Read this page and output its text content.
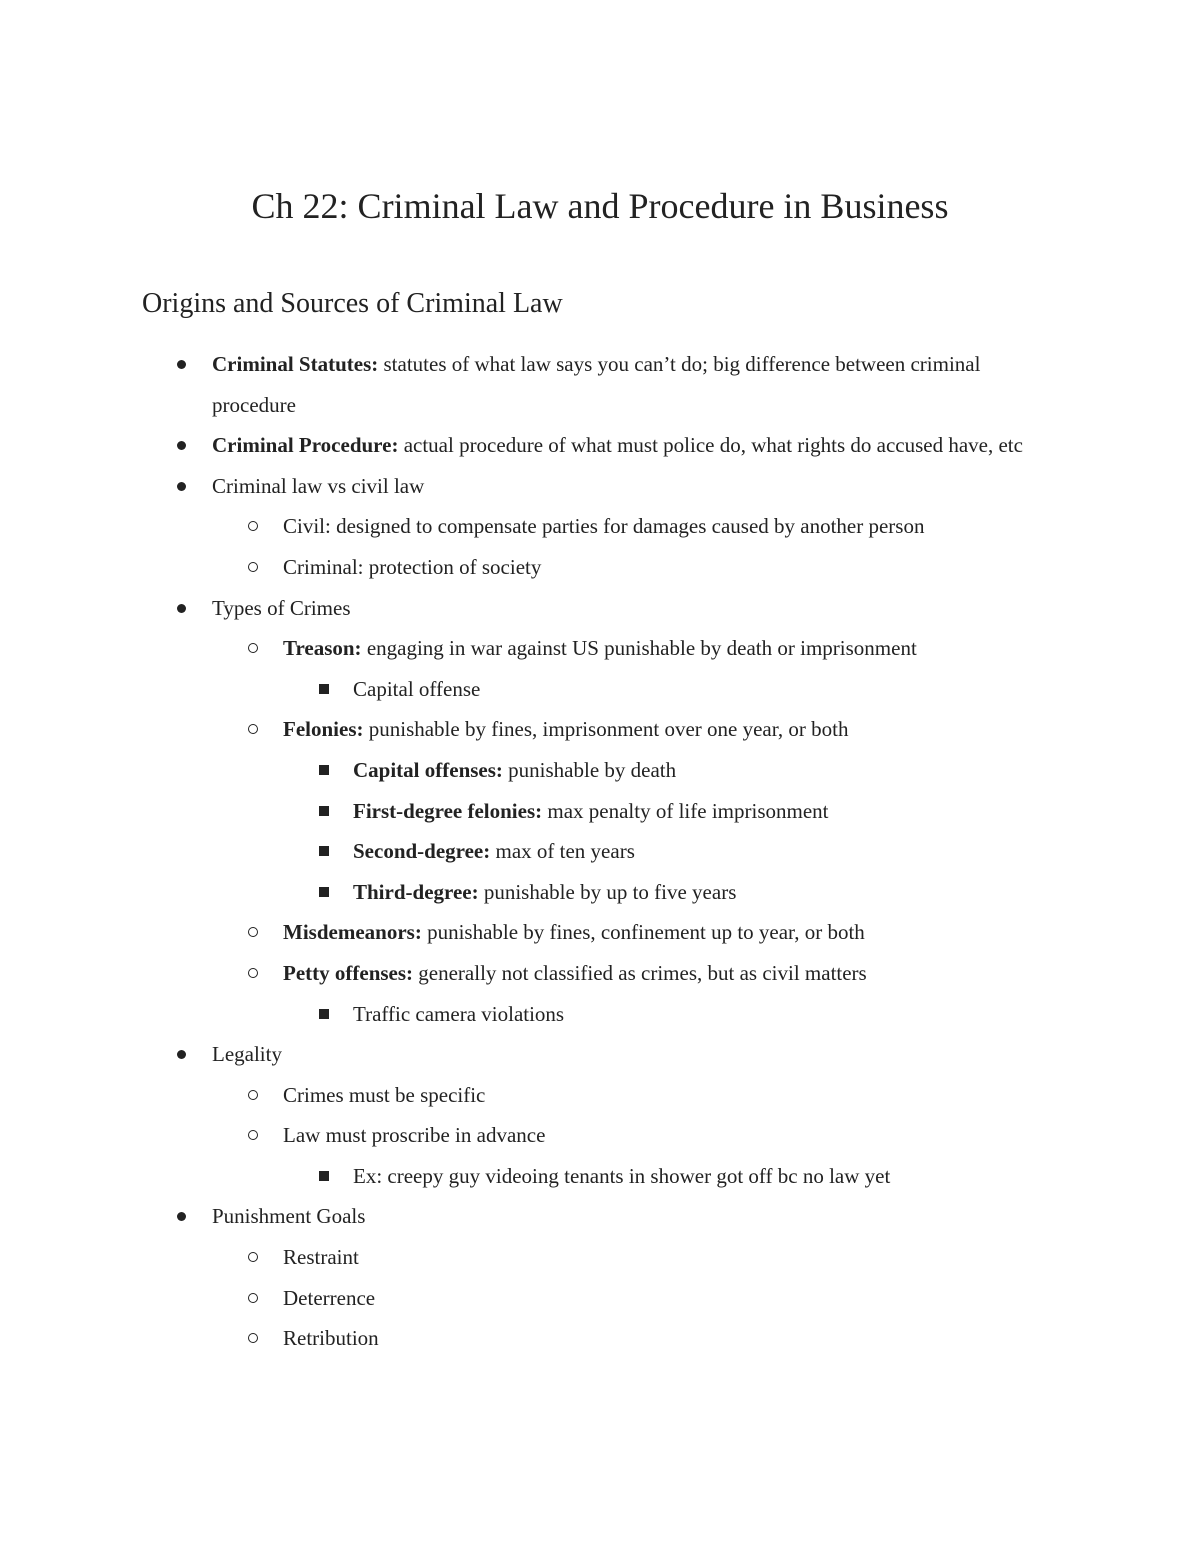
Ch 22: Criminal Law and Procedure in Business
Origins and Sources of Criminal Law
Criminal Statutes: statutes of what law says you can’t do; big difference between criminal procedure
Criminal Procedure: actual procedure of what must police do, what rights do accused have, etc
Criminal law vs civil law
Civil: designed to compensate parties for damages caused by another person
Criminal: protection of society
Types of Crimes
Treason: engaging in war against US punishable by death or imprisonment
Capital offense
Felonies: punishable by fines, imprisonment over one year, or both
Capital offenses: punishable by death
First-degree felonies: max penalty of life imprisonment
Second-degree: max of ten years
Third-degree: punishable by up to five years
Misdemeanors: punishable by fines, confinement up to year, or both
Petty offenses: generally not classified as crimes, but as civil matters
Traffic camera violations
Legality
Crimes must be specific
Law must proscribe in advance
Ex: creepy guy videoing tenants in shower got off bc no law yet
Punishment Goals
Restraint
Deterrence
Retribution
